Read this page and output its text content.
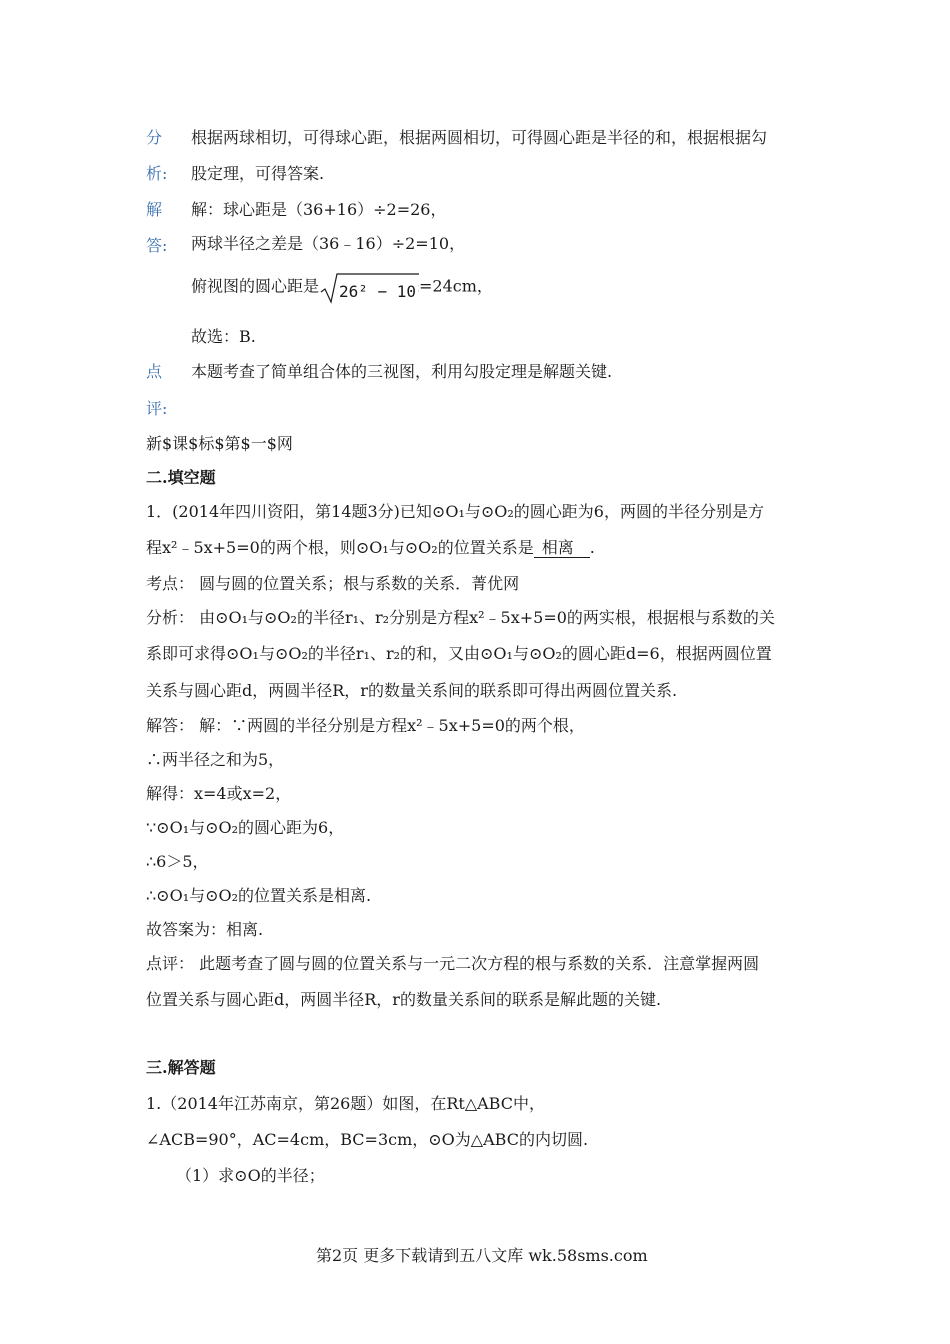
分 根据两球相切，可得球心距，根据两圆相切，可得圆心距是半径的和，根据根据勾
析: 股定理，可得答案.
解 解：球心距是（36+16）÷2=26，
答: 两球半径之差是（36﹣16）÷2=10，
俯视图的圆心距是 26² − 10²
=24cm，
故选：B.
点 本题考查了简单组合体的三视图，利用勾股定理是解题关键.
评:
新$课$标$第$一$网
二.填空题
1．(2014年四川资阳，第14题3分)已知⊙O₁与⊙O₂的圆心距为6，两圆的半径分别是方
程x²﹣5x+5=0的两个根，则⊙O₁与⊙O₂的位置关系是 相离 .
考点： 圆与圆的位置关系；根与系数的关系．菁优网
分析： 由⊙O₁与⊙O₂的半径r₁、r₂分别是方程x²﹣5x+5=0的两实根，根据根与系数的关
系即可求得⊙O₁与⊙O₂的半径r₁、r₂的和，又由⊙O₁与⊙O₂的圆心距d=6，根据两圆位置
关系与圆心距d，两圆半径R，r的数量关系间的联系即可得出两圆位置关系.
解答： 解：∵两圆的半径分别是方程x²﹣5x+5=0的两个根，
∴两半径之和为5，
解得：x=4或x=2，
∵⊙O₁与⊙O₂的圆心距为6，
∴6＞5，
∴⊙O₁与⊙O₂的位置关系是相离.
故答案为：相离.
点评： 此题考查了圆与圆的位置关系与一元二次方程的根与系数的关系．注意掌握两圆
位置关系与圆心距d，两圆半径R，r的数量关系间的联系是解此题的关键.
三.解答题
1.（2014年江苏南京，第26题）如图，在Rt△ABC中，
∠ACB=90°，AC=4cm，BC=3cm，⊙O为△ABC的内切圆.
（1）求⊙O的半径；
第2页 更多下载请到五八文库 wk.58sms.com
